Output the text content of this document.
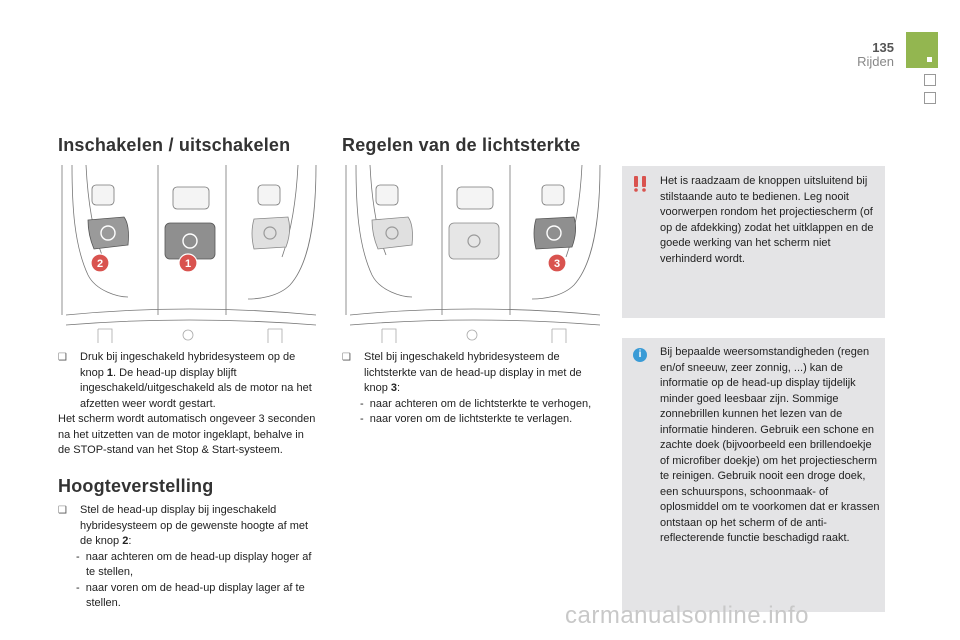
135
Rijden
Inschakelen / uitschakelen	Regelen van de lichtsterkte
2	1	3
❑ Druk bij ingeschakeld hybridesysteem op de knop 1. De head-up display blijft ingeschakeld/uitgeschakeld als de motor na het afzetten weer wordt gestart.

Het scherm wordt automatisch ongeveer 3 seconden na het uitzetten van de motor ingeklapt, behalve in de STOP-stand van het Stop & Start-systeem.

Hoogteverstelling
❑ Stel de head-up display bij ingeschakeld hybridesysteem op de gewenste hoogte af met de knop 2:
-  naar achteren om de head-up display hoger af te stellen,
-  naar voren om de head-up display lager af te stellen.
❑ Stel bij ingeschakeld hybridesysteem de lichtsterkte van de head-up display in met de knop 3:
-  naar achteren om de lichtsterkte te verhogen,
-  naar voren om de lichtsterkte te verlagen.
Het is raadzaam de knoppen uitsluitend bij stilstaande auto te bedienen. Leg nooit voorwerpen rondom het projectiescherm (of op de afdekking) zodat het uitklappen en de goede werking van het scherm niet verhinderd wordt.
i	Bij bepaalde weersomstandigheden (regen en/of sneeuw, zeer zonnig, ...) kan de informatie op de head-up display tijdelijk minder goed leesbaar zijn. Sommige zonnebrillen kunnen het lezen van de informatie hinderen. Gebruik een schone en zachte doek (bijvoorbeeld een brillendoekje of microfiber doekje) om het projectiescherm te reinigen. Gebruik nooit een droge doek, een schuurspons, schoonmaak- of oplosmiddel om te voorkomen dat er krassen ontstaan op het scherm of de anti-reflecterende functie beschadigd raakt.
carmanualsonline.info
